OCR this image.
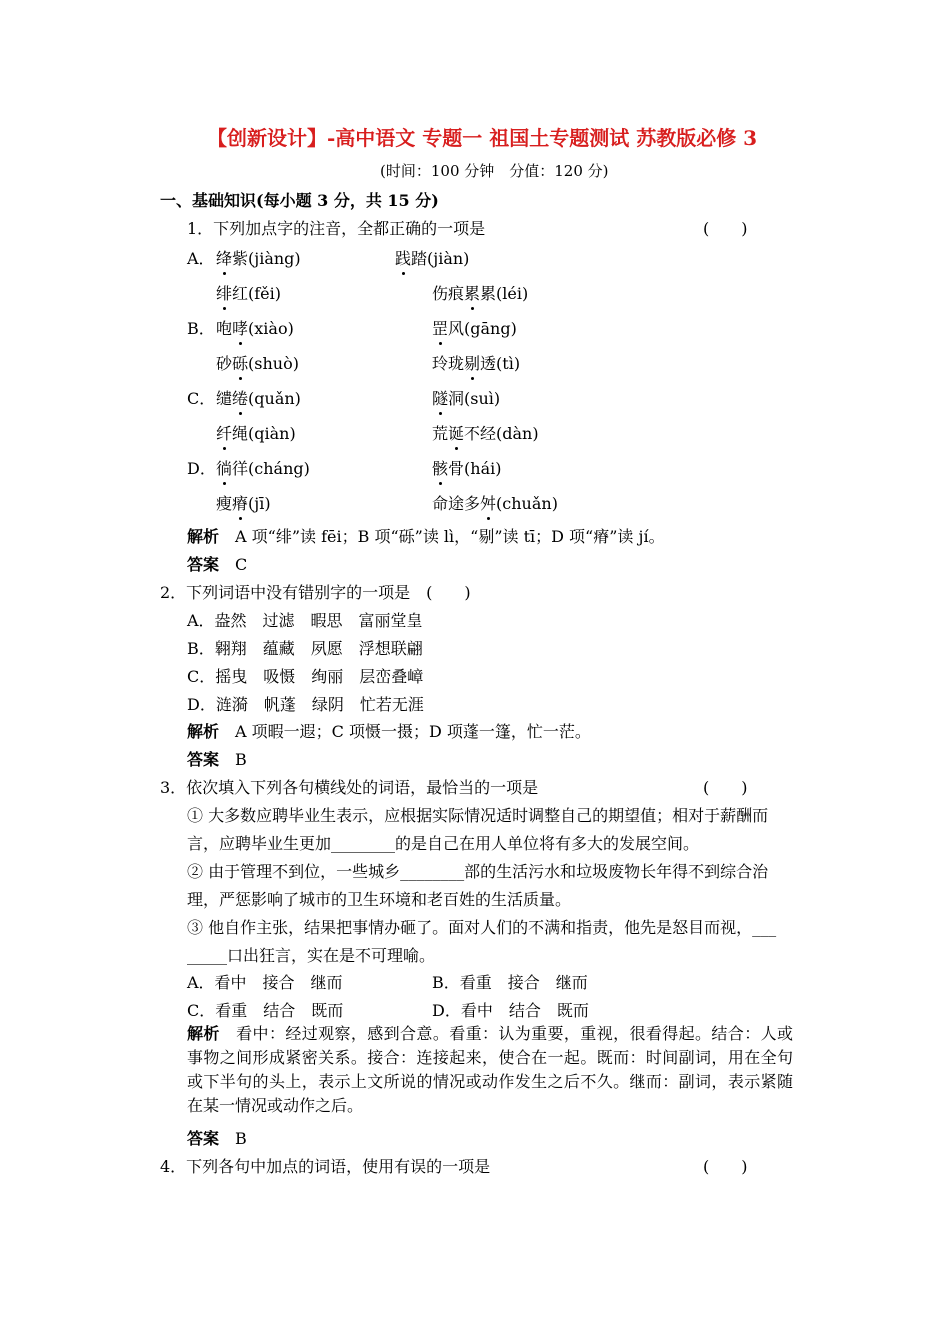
【创新设计】-高中语文 专题一 祖国土专题测试 苏教版必修 3
(时间：100 分钟　分值：120 分)
一、基础知识(每小题 3 分，共 15 分)
1．下列加点字的注音，全都正确的一项是	(　　)
A． 绛紫(jiàng)	践踏(jiàn)
绯红(fěi)	伤痕累累(léi)
B． 咆哮(xiào)	罡风(gāng)
砂砾(shuò)	玲珑剔透(tì)
C． 缱绻(quǎn)	隧洞(suì)
纤绳(qiàn)	荒诞不经(dàn)
D． 徜徉(cháng)	骸骨(hái)
瘦瘠(jī)	命途多舛(chuǎn)
解析　 A 项“绯”读 fēi；B 项“砾”读 lì，“剔”读 tī；D 项“瘠”读 jí。
答案　 C
2．下列词语中没有错别字的一项是　(　　)
A．盎然　过滤　暇思　富丽堂皇
B．翱翔　蕴藏　夙愿　浮想联翩
C．摇曳　吸慑　绚丽　层峦叠嶂
D．涟漪　帆蓬　绿阴　忙若无涯
解析　 A 项暇一遐；C 项慑一摄；D 项蓬一篷，忙一茫。
答案　 B
3．依次填入下列各句横线处的词语，最恰当的一项是	(　　)
① 大多数应聘毕业生表示，应根据实际情况适时调整自己的期望值；相对于薪酬而
言，应聘毕业生更加________的是自己在用人单位将有多大的发展空间。
② 由于管理不到位，一些城乡________部的生活污水和垃圾废物长年得不到综合治
理，严惩影响了城市的卫生环境和老百姓的生活质量。
③ 他自作主张，结果把事情办砸了。面对人们的不满和指责，他先是怒目而视，___
_____口出狂言，实在是不可理喻。
A．看中　接合　继而	B．看重　接合　继而
C．看重　结合　既而	D．看中　结合　既而
解析　 看中：经过观察，感到合意。看重：认为重要，重视，很看得起。结合：人或事物之间形成紧密关系。接合：连接起来，使合在一起。既而：时间副词，用在全句或下半句的头上，表示上文所说的情况或动作发生之后不久。继而：副词，表示紧随在某一情况或动作之后。
答案　 B
4．下列各句中加点的词语，使用有误的一项是	(　　)
